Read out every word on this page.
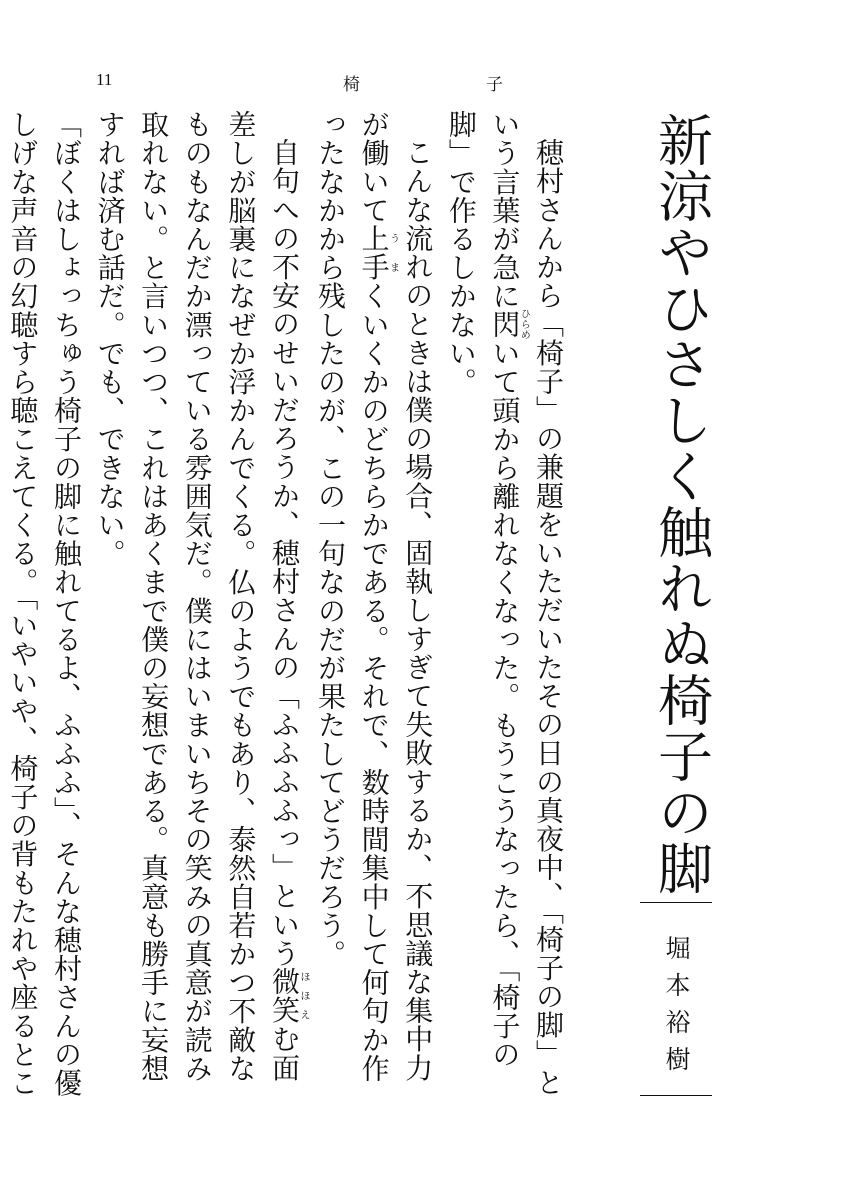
11	椅	子
新涼やひさしく触れぬ椅子の脚
堀本裕樹

穂村さんから「椅子」の兼題をいただいたその日の真夜中、「椅子の脚」という言葉が急に閃ひらめいて頭から離れなくなった。もうこうなったら、「椅子の脚」で作るしかない。

こんな流れのときは僕の場合、固執しすぎて失敗するか、不思議な集中力が働いて上手うまくいくかのどちらかである。それで、数時間集中して何句か作ったなかから残したのが、この一句なのだが果たしてどうだろう。

自句への不安のせいだろうか、穂村さんの「ふふふふっ」という微笑ほほえむ面差しが脳裏になぜか浮かんでくる。仏のようでもあり、泰然自若かつ不敵なものもなんだか漂っている雰囲気だ。僕にはいまいちその笑みの真意が読み取れない。と言いつつ、これはあくまで僕の妄想である。真意も勝手に妄想すれば済む話だ。でも、できない。

「ぼくはしょっちゅう椅子の脚に触れてるよ、ふふふ」、そんな穂村さんの優しげな声音の幻聴すら聴こえてくる。「いやいや、椅子の背もたれや座るとこ
